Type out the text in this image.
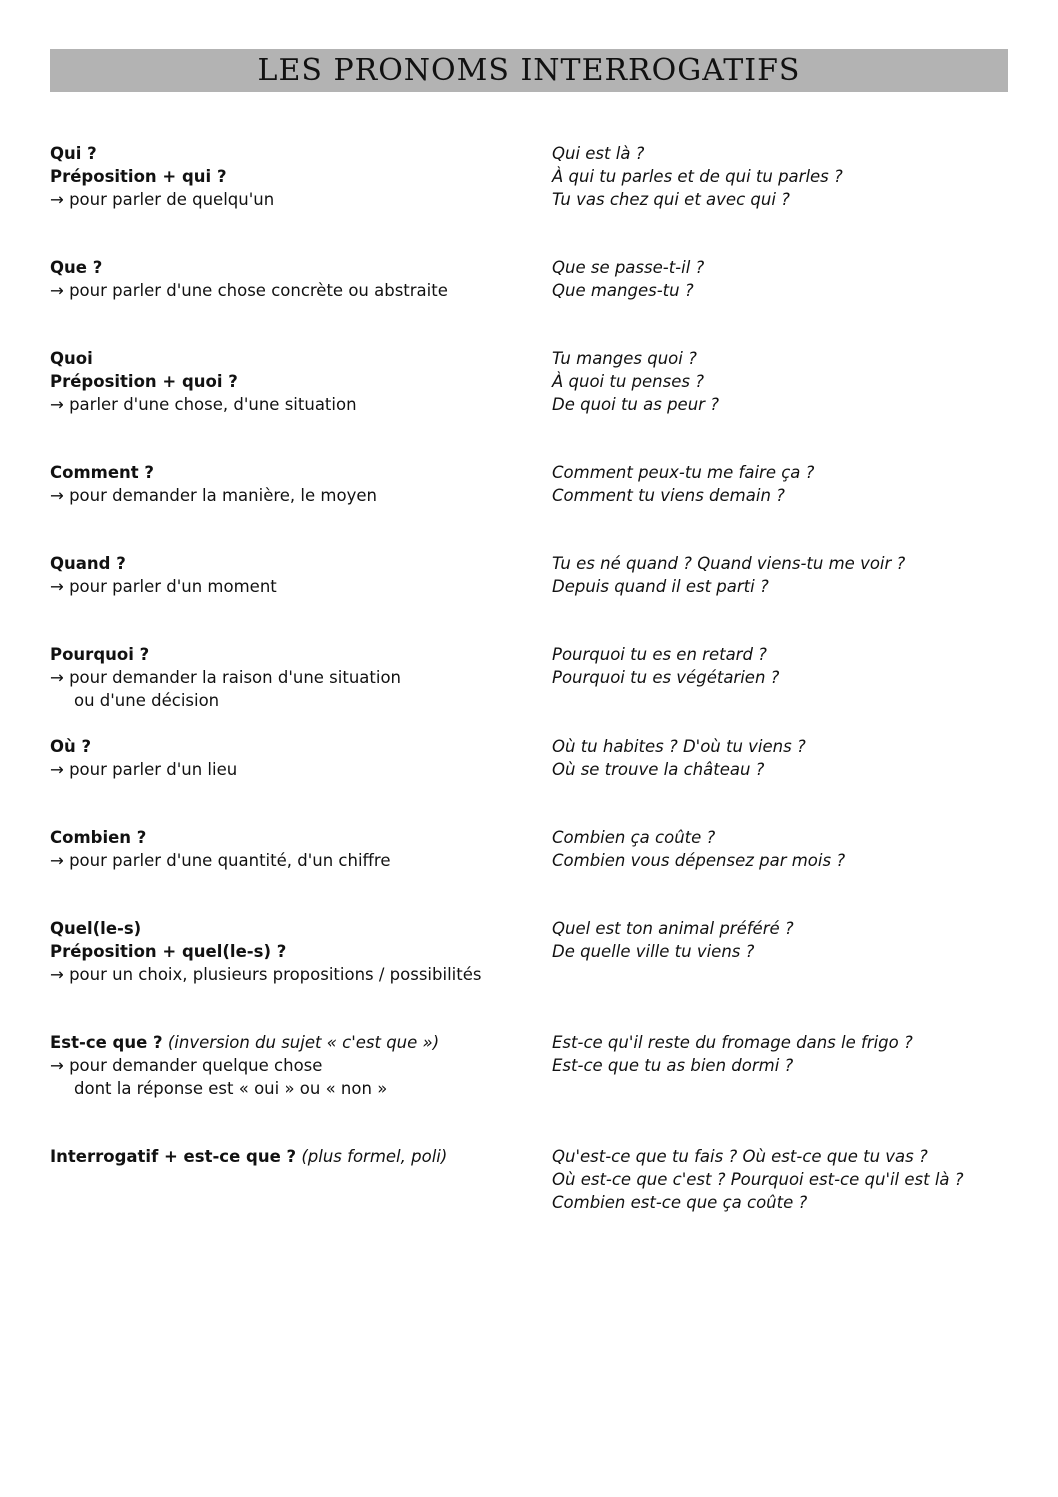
LES PRONOMS INTERROGATIFS
Qui ?
Préposition + qui ?
→ pour parler de quelqu'un
Qui est là ?
À qui tu parles et de qui tu parles ?
Tu vas chez qui et avec qui ?
Que ?
→ pour parler d'une chose concrète ou abstraite
Que se passe-t-il ?
Que manges-tu ?
Quoi
Préposition + quoi ?
→ parler d'une chose, d'une situation
Tu manges quoi ?
À quoi tu penses ?
De quoi tu as peur ?
Comment ?
→ pour demander la manière, le moyen
Comment peux-tu me faire ça ?
Comment tu viens demain ?
Quand ?
→ pour parler d'un moment
Tu es né quand ? Quand viens-tu me voir ?
Depuis quand il est parti ?
Pourquoi ?
→ pour demander la raison d'une situation
ou d'une décision
Pourquoi tu es en retard ?
Pourquoi tu es végétarien ?
Où ?
→ pour parler d'un lieu
Où tu habites ? D'où tu viens ?
Où se trouve la château ?
Combien ?
→ pour parler d'une quantité, d'un chiffre
Combien ça coûte ?
Combien vous dépensez par mois ?
Quel(le-s)
Préposition + quel(le-s) ?
→ pour un choix, plusieurs propositions / possibilités
Quel est ton animal préféré ?
De quelle ville tu viens ?
Est-ce que ? (inversion du sujet « c'est que »)
→ pour demander quelque chose
dont la réponse est « oui » ou « non »
Est-ce qu'il reste du fromage dans le frigo ?
Est-ce que tu as bien dormi ?
Interrogatif + est-ce que ? (plus formel, poli)	Qu'est-ce que tu fais ? Où est-ce que tu vas ?
Où est-ce que c'est ? Pourquoi est-ce qu'il est là ?
Combien est-ce que ça coûte ?
